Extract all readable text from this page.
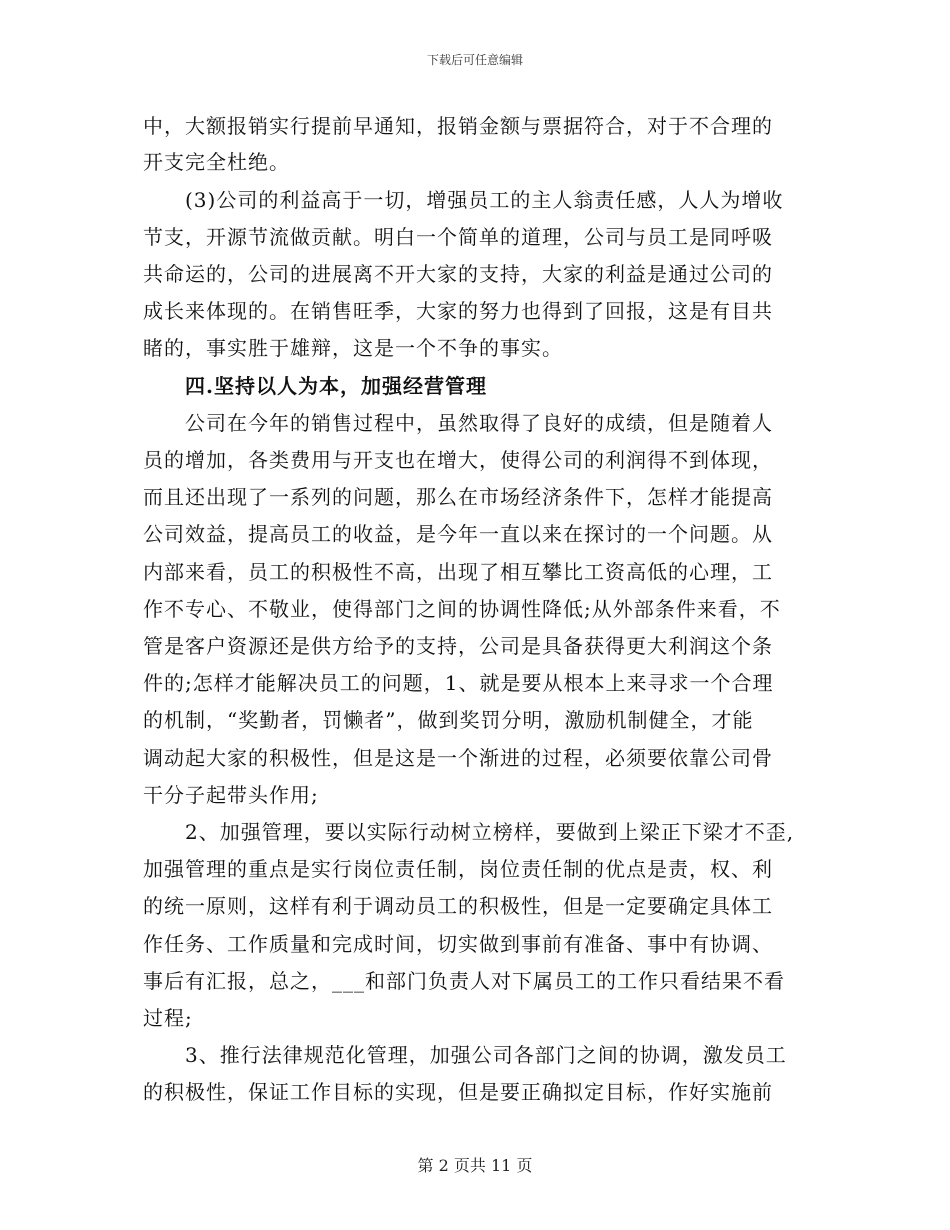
下载后可任意编辑
中，大额报销实行提前早通知，报销金额与票据符合，对于不合理的
开支完全杜绝。
(3)公司的利益高于一切，增强员工的主人翁责任感，人人为增收
节支，开源节流做贡献。明白一个简单的道理，公司与员工是同呼吸
共命运的，公司的进展离不开大家的支持，大家的利益是通过公司的
成长来体现的。在销售旺季，大家的努力也得到了回报，这是有目共
睹的，事实胜于雄辩，这是一个不争的事实。
四.坚持以人为本，加强经营管理
公司在今年的销售过程中，虽然取得了良好的成绩，但是随着人
员的增加，各类费用与开支也在增大，使得公司的利润得不到体现，
而且还出现了一系列的问题，那么在市场经济条件下，怎样才能提高
公司效益，提高员工的收益，是今年一直以来在探讨的一个问题。从
内部来看，员工的积极性不高，出现了相互攀比工资高低的心理，工
作不专心、不敬业，使得部门之间的协调性降低;从外部条件来看，不
管是客户资源还是供方给予的支持，公司是具备获得更大利润这个条
件的;怎样才能解决员工的问题，1、就是要从根本上来寻求一个合理
的机制，“奖勤者，罚懒者”，做到奖罚分明，激励机制健全，才能
调动起大家的积极性，但是这是一个渐进的过程，必须要依靠公司骨
干分子起带头作用;
2、加强管理，要以实际行动树立榜样，要做到上梁正下梁才不歪,
加强管理的重点是实行岗位责任制，岗位责任制的优点是责，权、利
的统一原则，这样有利于调动员工的积极性，但是一定要确定具体工
作任务、工作质量和完成时间，切实做到事前有准备、事中有协调、
事后有汇报，总之，___和部门负责人对下属员工的工作只看结果不看
过程;
3、推行法律规范化管理，加强公司各部门之间的协调，激发员工
的积极性，保证工作目标的实现，但是要正确拟定目标，作好实施前
第 2 页共 11 页
